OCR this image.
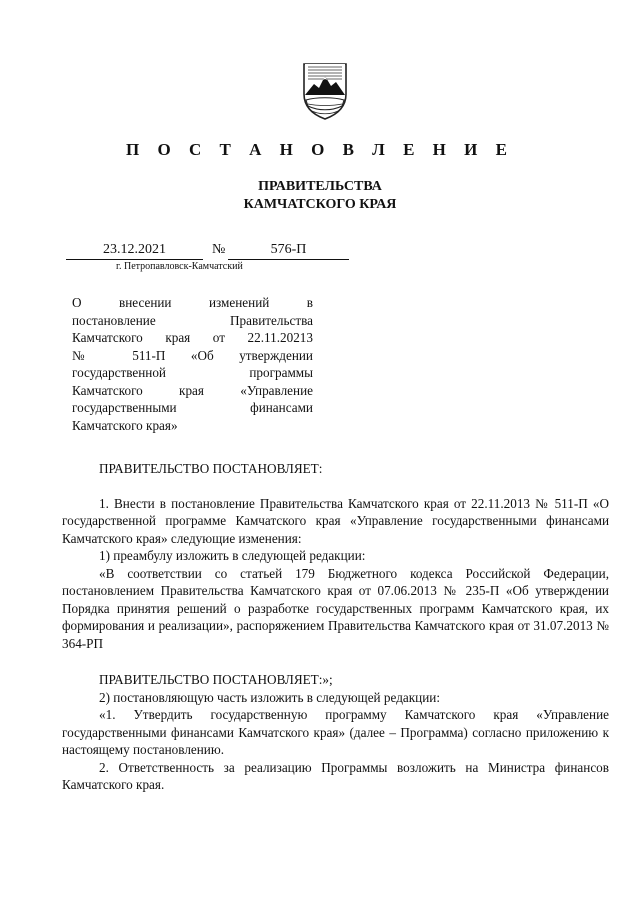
П О С Т А Н О В Л Е Н И Е
ПРАВИТЕЛЬСТВА
КАМЧАТСКОГО КРАЯ
23.12.2021	№	576-П
г. Петропавловск-Камчатский
О внесении изменений в
постановление Правительства
Камчатского края от 22.11.20213
№ 511-П «Об утверждении
государственной программы
Камчатского края «Управление
государственными финансами
Камчатского края»

ПРАВИТЕЛЬСТВО ПОСТАНОВЛЯЕТ:

1. Внести в постановление Правительства Камчатского края от 22.11.2013 № 511-П «О государственной программе Камчатского края «Управление государственными финансами Камчатского края» следующие изменения:

1) преамбулу изложить в следующей редакции:

«В соответствии со статьей 179 Бюджетного кодекса Российской Федерации, постановлением Правительства Камчатского края от 07.06.2013 № 235-П «Об утверждении Порядка принятия решений о разработке государственных программ Камчатского края, их формирования и реализации», распоряжением Правительства Камчатского края от 31.07.2013 № 364-РП

ПРАВИТЕЛЬСТВО ПОСТАНОВЛЯЕТ:»;

2) постановляющую часть изложить в следующей редакции:

«1. Утвердить государственную программу Камчатского края «Управление государственными финансами Камчатского края» (далее – Программа) согласно приложению к настоящему постановлению.

2. Ответственность за реализацию Программы возложить на Министра финансов Камчатского края.
